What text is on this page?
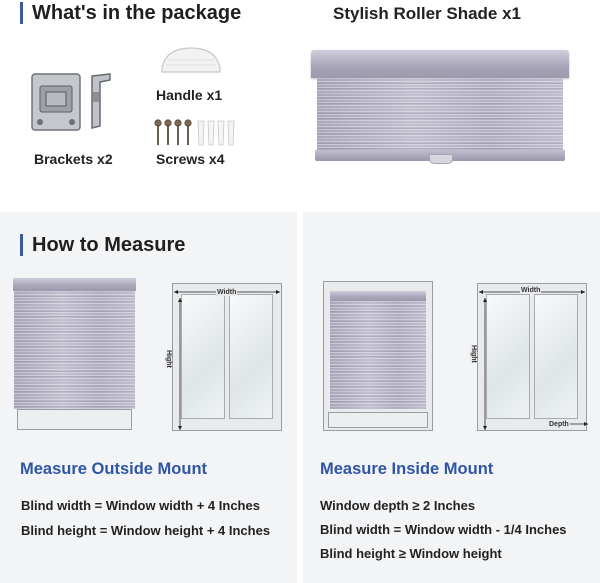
What's in the package
Brackets x2
Handle x1
Screws x4
Stylish Roller Shade x1
How to Measure
Width
Hight
Width
Hight
Depth
Measure Outside Mount
Blind width = Window width + 4 Inches
Blind height = Window height + 4 Inches
Measure Inside Mount
Window depth ≥ 2 Inches
Blind width = Window width - 1/4 Inches
Blind height ≥ Window height
